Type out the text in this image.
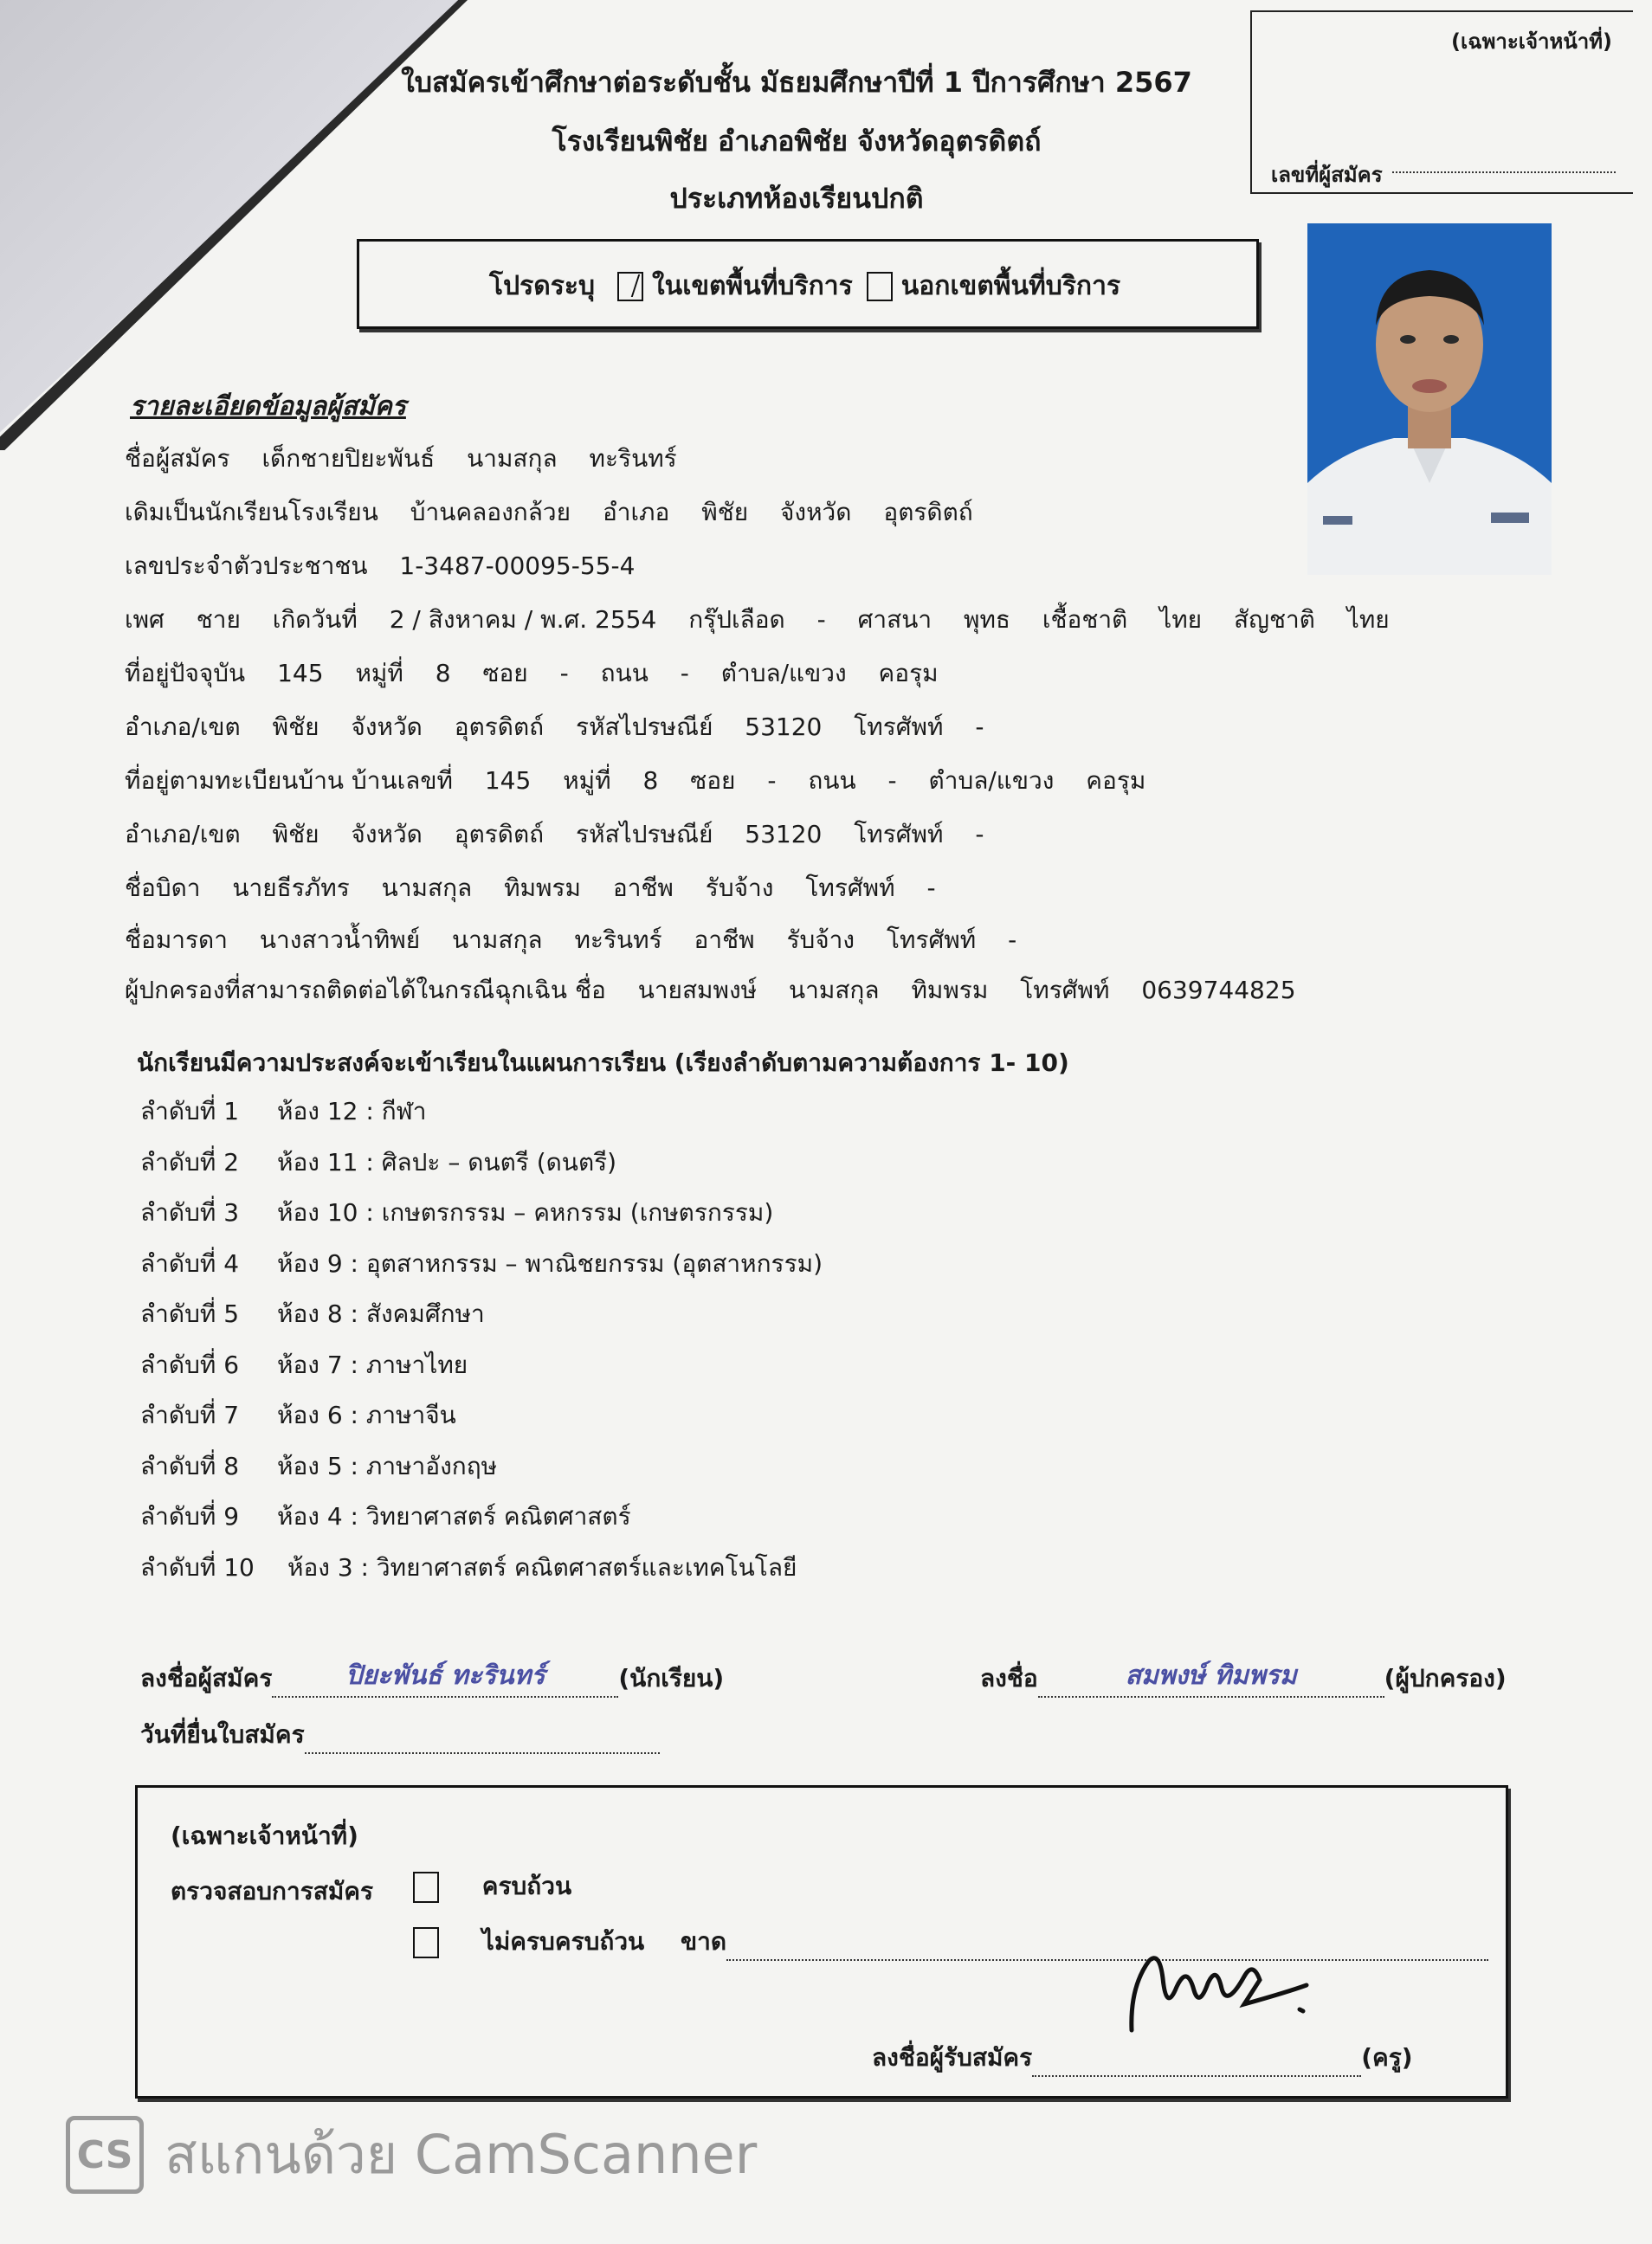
ใบสมัครเข้าศึกษาต่อระดับชั้น มัธยมศึกษาปีที่ 1 ปีการศึกษา 2567
โรงเรียนพิชัย อำเภอพิชัย จังหวัดอุตรดิตถ์
ประเภทห้องเรียนปกติ
(เฉพาะเจ้าหน้าที่)
เลขที่ผู้สมัคร
โปรดระบุ ในเขตพื้นที่บริการ นอกเขตพื้นที่บริการ
รายละเอียดข้อมูลผู้สมัคร
ชื่อผู้สมัคร เด็กชายปิยะพันธ์ นามสกุล ทะรินทร์
เดิมเป็นนักเรียนโรงเรียน บ้านคลองกล้วย อำเภอ พิชัย จังหวัด อุตรดิตถ์
เลขประจำตัวประชาชน 1-3487-00095-55-4
เพศ ชาย เกิดวันที่ 2 / สิงหาคม / พ.ศ. 2554 กรุ๊ปเลือด - ศาสนา พุทธ เชื้อชาติ ไทย สัญชาติ ไทย
ที่อยู่ปัจจุบัน 145 หมู่ที่ 8 ซอย - ถนน - ตำบล/แขวง คอรุม
อำเภอ/เขต พิชัย จังหวัด อุตรดิตถ์ รหัสไปรษณีย์ 53120 โทรศัพท์ -
ที่อยู่ตามทะเบียนบ้าน บ้านเลขที่ 145 หมู่ที่ 8 ซอย - ถนน - ตำบล/แขวง คอรุม
อำเภอ/เขต พิชัย จังหวัด อุตรดิตถ์ รหัสไปรษณีย์ 53120 โทรศัพท์ -
ชื่อบิดา นายธีรภัทร นามสกุล ทิมพรม อาชีพ รับจ้าง โทรศัพท์ -
ชื่อมารดา นางสาวน้ำทิพย์ นามสกุล ทะรินทร์ อาชีพ รับจ้าง โทรศัพท์ -
ผู้ปกครองที่สามารถติดต่อได้ในกรณีฉุกเฉิน ชื่อ นายสมพงษ์ นามสกุล ทิมพรม โทรศัพท์ 0639744825
นักเรียนมีความประสงค์จะเข้าเรียนในแผนการเรียน (เรียงลำดับตามความต้องการ 1- 10)
ลำดับที่ 1 ห้อง 12 : กีฬา
ลำดับที่ 2 ห้อง 11 : ศิลปะ – ดนตรี (ดนตรี)
ลำดับที่ 3 ห้อง 10 : เกษตรกรรม – คหกรรม (เกษตรกรรม)
ลำดับที่ 4 ห้อง 9 : อุตสาหกรรม – พาณิชยกรรม (อุตสาหกรรม)
ลำดับที่ 5 ห้อง 8 : สังคมศึกษา
ลำดับที่ 6 ห้อง 7 : ภาษาไทย
ลำดับที่ 7 ห้อง 6 : ภาษาจีน
ลำดับที่ 8 ห้อง 5 : ภาษาอังกฤษ
ลำดับที่ 9 ห้อง 4 : วิทยาศาสตร์ คณิตศาสตร์
ลำดับที่ 10 ห้อง 3 : วิทยาศาสตร์ คณิตศาสตร์และเทคโนโลยี
ลงชื่อผู้สมัคร	ปิยะพันธ์ ทะรินทร์	(นักเรียน)	ลงชื่อ	สมพงษ์ ทิมพรม	(ผู้ปกครอง)
วันที่ยื่นใบสมัคร
(เฉพาะเจ้าหน้าที่)
ตรวจสอบการสมัคร	ครบถ้วน
ไม่ครบครบถ้วน ขาด
ลงชื่อผู้รับสมัคร	(ครู)
CS สแกนด้วย CamScanner
